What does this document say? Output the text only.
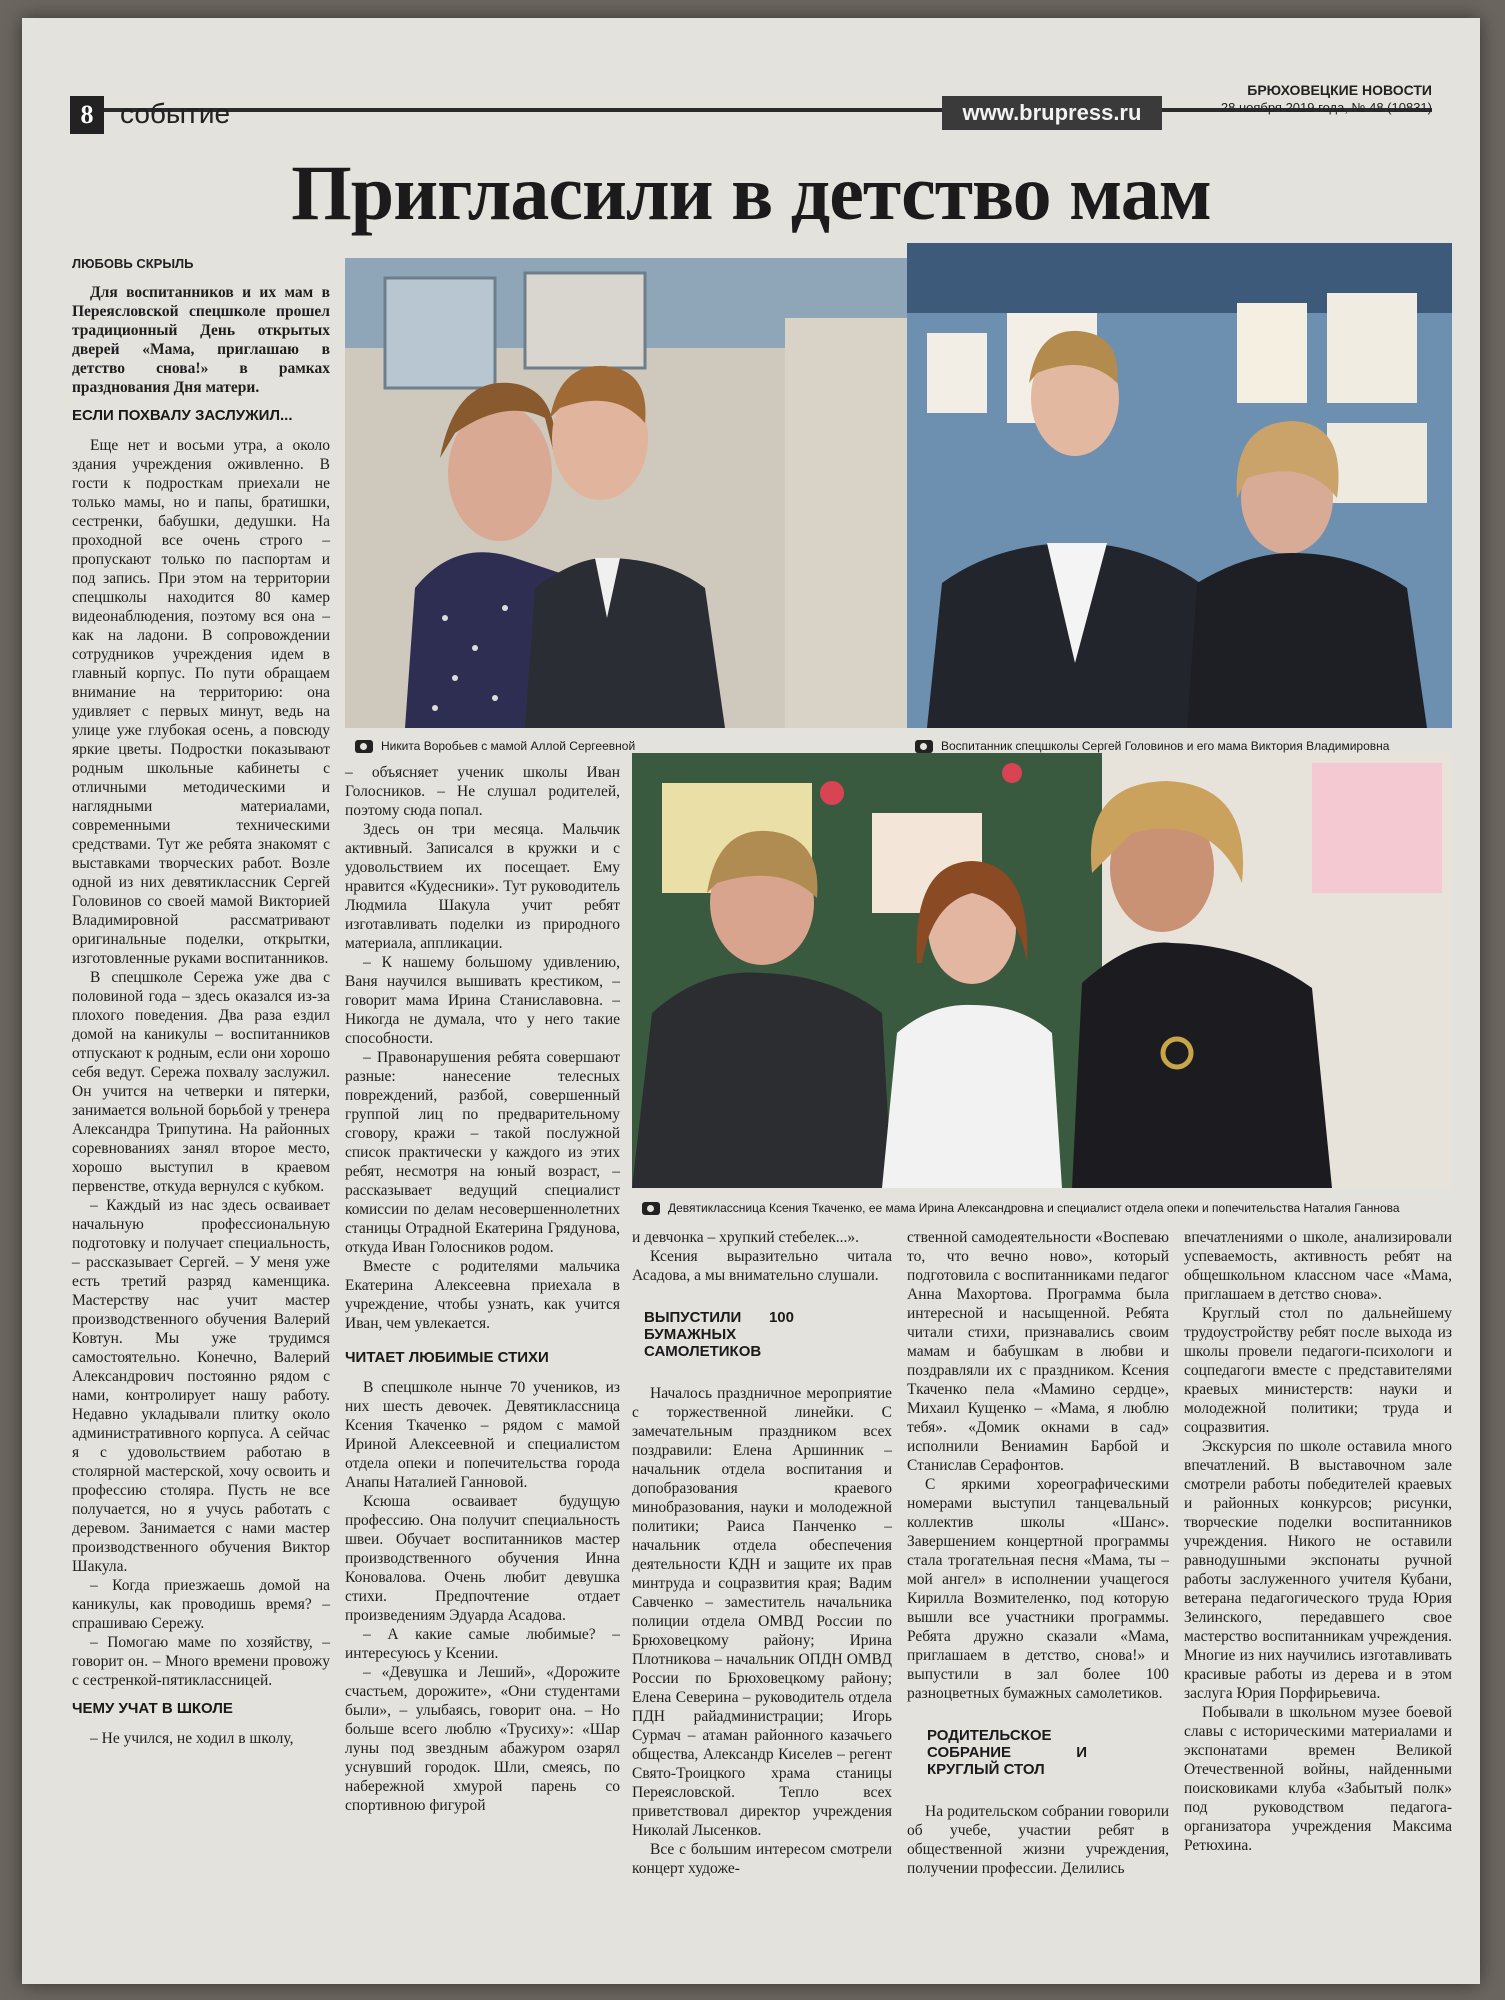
8 событие	www.brupress.ru
БРЮХОВЕЦКИЕ НОВОСТИ
28 ноября 2019 года, № 48 (10831)
Пригласили в детство мам
ЛЮБОВЬ СКРЫЛЬ
Никита Воробьев с мамой Аллой Сергеевной	Воспитанник спецшколы Сергей Головинов и его мама Виктория Владимировна
Девятиклассница Ксения Ткаченко, ее мама Ирина Александровна и специалист отдела опеки и попечительства Наталия Ганнова

Для воспитанников и их мам в Переясловской спецшколе прошел традиционный День открытых дверей «Мама, приглашаю в детство снова!» в рамках празднования Дня матери.

ЕСЛИ ПОХВАЛУ ЗАСЛУЖИЛ...

Еще нет и восьми утра, а около здания учреждения оживленно. В гости к подросткам приехали не только мамы, но и папы, братишки, сестренки, бабушки, дедушки. На проходной все очень строго – пропускают только по паспортам и под запись. При этом на территории спецшколы находится 80 камер видеонаблюдения, поэтому вся она – как на ладони. В сопровождении сотрудников учреждения идем в главный корпус. По пути обращаем внимание на территорию: она удивляет с первых минут, ведь на улице уже глубокая осень, а повсюду яркие цветы. Подростки показывают родным школьные кабинеты с отличными методическими и наглядными материалами, современными техническими средствами. Тут же ребята знакомят с выставками творческих работ. Возле одной из них девятиклассник Сергей Головинов со своей мамой Викторией Владимировной рассматривают оригинальные поделки, открытки, изготовленные руками воспитанников.

В спецшколе Сережа уже два с половиной года – здесь оказался из-за плохого поведения. Два раза ездил домой на каникулы – воспитанников отпускают к родным, если они хорошо себя ведут. Сережа похвалу заслужил. Он учится на четверки и пятерки, занимается вольной борьбой у тренера Александра Трипутина. На районных соревнованиях занял второе место, хорошо выступил в краевом первенстве, откуда вернулся с кубком.

– Каждый из нас здесь осваивает начальную профессиональную подготовку и получает специальность, – рассказывает Сергей. – У меня уже есть третий разряд каменщика. Мастерству нас учит мастер производственного обучения Валерий Ковтун. Мы уже трудимся самостоятельно. Конечно, Валерий Александрович постоянно рядом с нами, контролирует нашу работу. Недавно укладывали плитку около административного корпуса. А сейчас я с удовольствием работаю в столярной мастерской, хочу освоить и профессию столяра. Пусть не все получается, но я учусь работать с деревом. Занимается с нами мастер производственного обучения Виктор Шакула.

– Когда приезжаешь домой на каникулы, как проводишь время? – спрашиваю Сережу.

– Помогаю маме по хозяйству, – говорит он. – Много времени провожу с сестренкой-пятиклассницей.

ЧЕМУ УЧАТ В ШКОЛЕ

– Не учился, не ходил в школу,

– объясняет ученик школы Иван Голосников. – Не слушал родителей, поэтому сюда попал.

Здесь он три месяца. Мальчик активный. Записался в кружки и с удовольствием их посещает. Ему нравится «Кудесники». Тут руководитель Людмила Шакула учит ребят изготавливать поделки из природного материала, аппликации.

– К нашему большому удивлению, Ваня научился вышивать крестиком, – говорит мама Ирина Станиславовна. – Никогда не думала, что у него такие способности.

– Правонарушения ребята совершают разные: нанесение телесных повреждений, разбой, совершенный группой лиц по предварительному сговору, кражи – такой послужной список практически у каждого из этих ребят, несмотря на юный возраст, – рассказывает ведущий специалист комиссии по делам несовершеннолетних станицы Отрадной Екатерина Грядунова, откуда Иван Голосников родом.

Вместе с родителями мальчика Екатерина Алексеевна приехала в учреждение, чтобы узнать, как учится Иван, чем увлекается.

ЧИТАЕТ ЛЮБИМЫЕ СТИХИ

В спецшколе нынче 70 учеников, из них шесть девочек. Девятиклассница Ксения Ткаченко – рядом с мамой Ириной Алексеевной и специалистом отдела опеки и попечительства города Анапы Наталией Ганновой.

Ксюша осваивает будущую профессию. Она получит специальность швеи. Обучает воспитанников мастер производственного обучения Инна Коновалова. Очень любит девушка стихи. Предпочтение отдает произведениям Эдуарда Асадова.

– А какие самые любимые? – интересуюсь у Ксении.

– «Девушка и Леший», «Дорожите счастьем, дорожите», «Они студентами были», – улыбаясь, говорит она. – Но больше всего люблю «Трусиху»: «Шар луны под звездным абажуром озарял уснувший городок. Шли, смеясь, по набережной хмурой парень со спортивною фигурой

и девчонка – хрупкий стебелек...».

Ксения выразительно читала Асадова, а мы внимательно слушали.

ВЫПУСТИЛИ 100 БУМАЖНЫХ САМОЛЕТИКОВ

Началось праздничное мероприятие с торжественной линейки. С замечательным праздником всех поздравили: Елена Аршинник – начальник отдела воспитания и допобразования краевого минобразования, науки и молодежной политики; Раиса Панченко – начальник отдела обеспечения деятельности КДН и защите их прав минтруда и соцразвития края; Вадим Савченко – заместитель начальника полиции отдела ОМВД России по Брюховецкому району; Ирина Плотникова – начальник ОПДН ОМВД России по Брюховецкому району; Елена Северина – руководитель отдела ПДН райадминистрации; Игорь Сурмач – атаман районного казачьего общества, Александр Киселев – регент Свято-Троицкого храма станицы Переясловской. Тепло всех приветствовал директор учреждения Николай Лысенков.

Все с большим интересом смотрели концерт художе-

ственной самодеятельности «Воспеваю то, что вечно ново», который подготовила с воспитанниками педагог Анна Махортова. Программа была интересной и насыщенной. Ребята читали стихи, признавались своим мамам и бабушкам в любви и поздравляли их с праздником. Ксения Ткаченко пела «Мамино сердце», Михаил Кущенко – «Мама, я люблю тебя». «Домик окнами в сад» исполнили Вениамин Барбой и Станислав Серафонтов.

С яркими хореографическими номерами выступил танцевальный коллектив школы «Шанс». Завершением концертной программы стала трогательная песня «Мама, ты – мой ангел» в исполнении учащегося Кирилла Возмителенко, под которую вышли все участники программы. Ребята дружно сказали «Мама, приглашаем в детство, снова!» и выпустили в зал более 100 разноцветных бумажных самолетиков.

РОДИТЕЛЬСКОЕ СОБРАНИЕ И КРУГЛЫЙ СТОЛ

На родительском собрании говорили об учебе, участии ребят в общественной жизни учреждения, получении профессии. Делились

впечатлениями о школе, анализировали успеваемость, активность ребят на общешкольном классном часе «Мама, приглашаем в детство снова».

Круглый стол по дальнейшему трудоустройству ребят после выхода из школы провели педагоги-психологи и соцпедагоги вместе с представителями краевых министерств: науки и молодежной политики; труда и соцразвития.

Экскурсия по школе оставила много впечатлений. В выставочном зале смотрели работы победителей краевых и районных конкурсов; рисунки, творческие поделки воспитанников учреждения. Никого не оставили равнодушными экспонаты ручной работы заслуженного учителя Кубани, ветерана педагогического труда Юрия Зелинского, передавшего свое мастерство воспитанникам учреждения. Многие из них научились изготавливать красивые работы из дерева и в этом заслуга Юрия Порфирьевича.

Побывали в школьном музее боевой славы с историческими материалами и экспонатами времен Великой Отечественной войны, найденными поисковиками клуба «Забытый полк» под руководством педагога-организатора учреждения Максима Ретюхина.
